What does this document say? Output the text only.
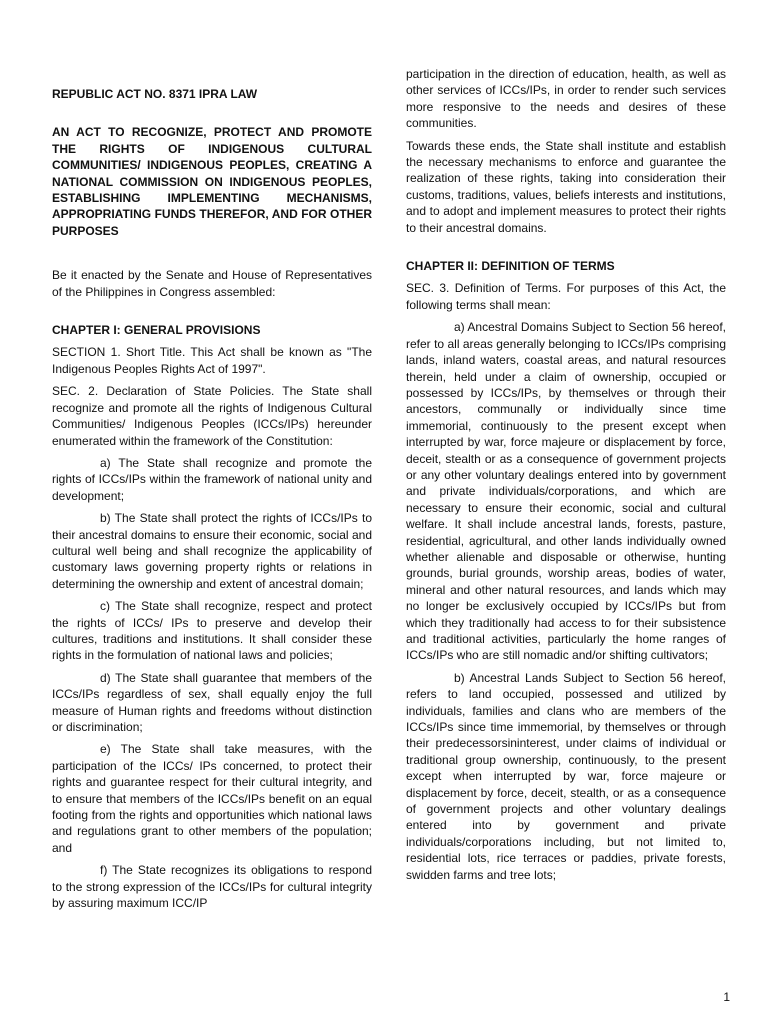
REPUBLIC ACT NO. 8371 IPRA LAW

AN ACT TO RECOGNIZE, PROTECT AND PROMOTE THE RIGHTS OF INDIGENOUS CULTURAL COMMUNITIES/ INDIGENOUS PEOPLES, CREATING A NATIONAL COMMISSION ON INDIGENOUS PEOPLES, ESTABLISHING IMPLEMENTING MECHANISMS, APPROPRIATING FUNDS THEREFOR, AND FOR OTHER PURPOSES

Be it enacted by the Senate and House of Representatives of the Philippines in Congress assembled:

CHAPTER I: GENERAL PROVISIONS

SECTION 1. Short Title. This Act shall be known as "The Indigenous Peoples Rights Act of 1997".

SEC. 2. Declaration of State Policies. The State shall recognize and promote all the rights of Indigenous Cultural Communities/ Indigenous Peoples (ICCs/IPs) hereunder enumerated within the framework of the Constitution:

a) The State shall recognize and promote the rights of ICCs/IPs within the framework of national unity and development;

b) The State shall protect the rights of ICCs/IPs to their ancestral domains to ensure their economic, social and cultural well being and shall recognize the applicability of customary laws governing property rights or relations in determining the ownership and extent of ancestral domain;

c) The State shall recognize, respect and protect the rights of ICCs/ IPs to preserve and develop their cultures, traditions and institutions. It shall consider these rights in the formulation of national laws and policies;

d) The State shall guarantee that members of the ICCs/IPs regardless of sex, shall equally enjoy the full measure of Human rights and freedoms without distinction or discrimination;

e) The State shall take measures, with the participation of the ICCs/ IPs concerned, to protect their rights and guarantee respect for their cultural integrity, and to ensure that members of the ICCs/IPs benefit on an equal footing from the rights and opportunities which national laws and regulations grant to other members of the population; and

f) The State recognizes its obligations to respond to the strong expression of the ICCs/IPs for cultural integrity by assuring maximum ICC/IP

participation in the direction of education, health, as well as other services of ICCs/IPs, in order to render such services more responsive to the needs and desires of these communities.

Towards these ends, the State shall institute and establish the necessary mechanisms to enforce and guarantee the realization of these rights, taking into consideration their customs, traditions, values, beliefs interests and institutions, and to adopt and implement measures to protect their rights to their ancestral domains.

CHAPTER II: DEFINITION OF TERMS

SEC. 3. Definition of Terms. For purposes of this Act, the following terms shall mean:

a) Ancestral Domains Subject to Section 56 hereof, refer to all areas generally belonging to ICCs/IPs comprising lands, inland waters, coastal areas, and natural resources therein, held under a claim of ownership, occupied or possessed by ICCs/IPs, by themselves or through their ancestors, communally or individually since time immemorial, continuously to the present except when interrupted by war, force majeure or displacement by force, deceit, stealth or as a consequence of government projects or any other voluntary dealings entered into by government and private individuals/corporations, and which are necessary to ensure their economic, social and cultural welfare. It shall include ancestral lands, forests, pasture, residential, agricultural, and other lands individually owned whether alienable and disposable or otherwise, hunting grounds, burial grounds, worship areas, bodies of water, mineral and other natural resources, and lands which may no longer be exclusively occupied by ICCs/IPs but from which they traditionally had access to for their subsistence and traditional activities, particularly the home ranges of ICCs/IPs who are still nomadic and/or shifting cultivators;

b) Ancestral Lands Subject to Section 56 hereof, refers to land occupied, possessed and utilized by individuals, families and clans who are members of the ICCs/IPs since time immemorial, by themselves or through their predecessorsininterest, under claims of individual or traditional group ownership, continuously, to the present except when interrupted by war, force majeure or displacement by force, deceit, stealth, or as a consequence of government projects and other voluntary dealings entered into by government and private individuals/corporations including, but not limited to, residential lots, rice terraces or paddies, private forests, swidden farms and tree lots;

1
